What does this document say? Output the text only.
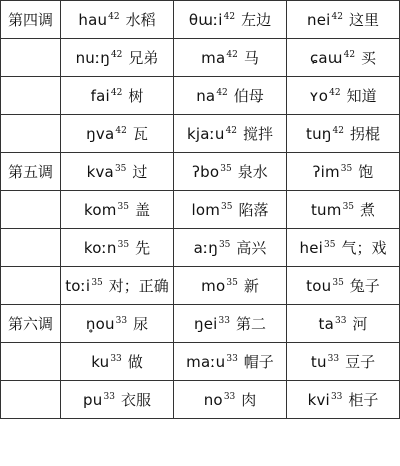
第四调	hau$^{42}$ 水稻	θɯːi$^{42}$ 左边	nei$^{42}$ 这里
	nuːŋ$^{42}$ 兄弟	$ma^{42}$ 马	ɕaɯ$^{42}$ 买
	fai$^{42}$ 树	$na^{42}$ 伯母	ʏo$^{42}$ 知道
	ŋva$^{42}$ 瓦	kjaːu$^{42}$ 搅拌	tuŋ$^{42}$ 拐棍
第五调	kva$^{35}$ 过	ʔbo$^{35}$ 泉水	ʔim$^{35}$ 饱
	kom$^{35}$ 盖	lom$^{35}$ 陷落	tum$^{35}$ 煮
	koːn$^{35}$ 先	aːŋ$^{35}$ 高兴	hei$^{35}$ 气；戏
	toːi$^{35}$ 对；正确	$mo^{35}$ 新	tou$^{35}$ 兔子
第六调	$n̥ou^{33}$ 尿	ŋei$^{33}$ 第二	$ta^{33}$ 河
	$ku^{33}$ 做	maːu$^{33}$ 帽子	$tu^{33}$ 豆子
	$pu^{33}$ 衣服	$no^{33}$ 肉	kvi$^{33}$ 柜子
